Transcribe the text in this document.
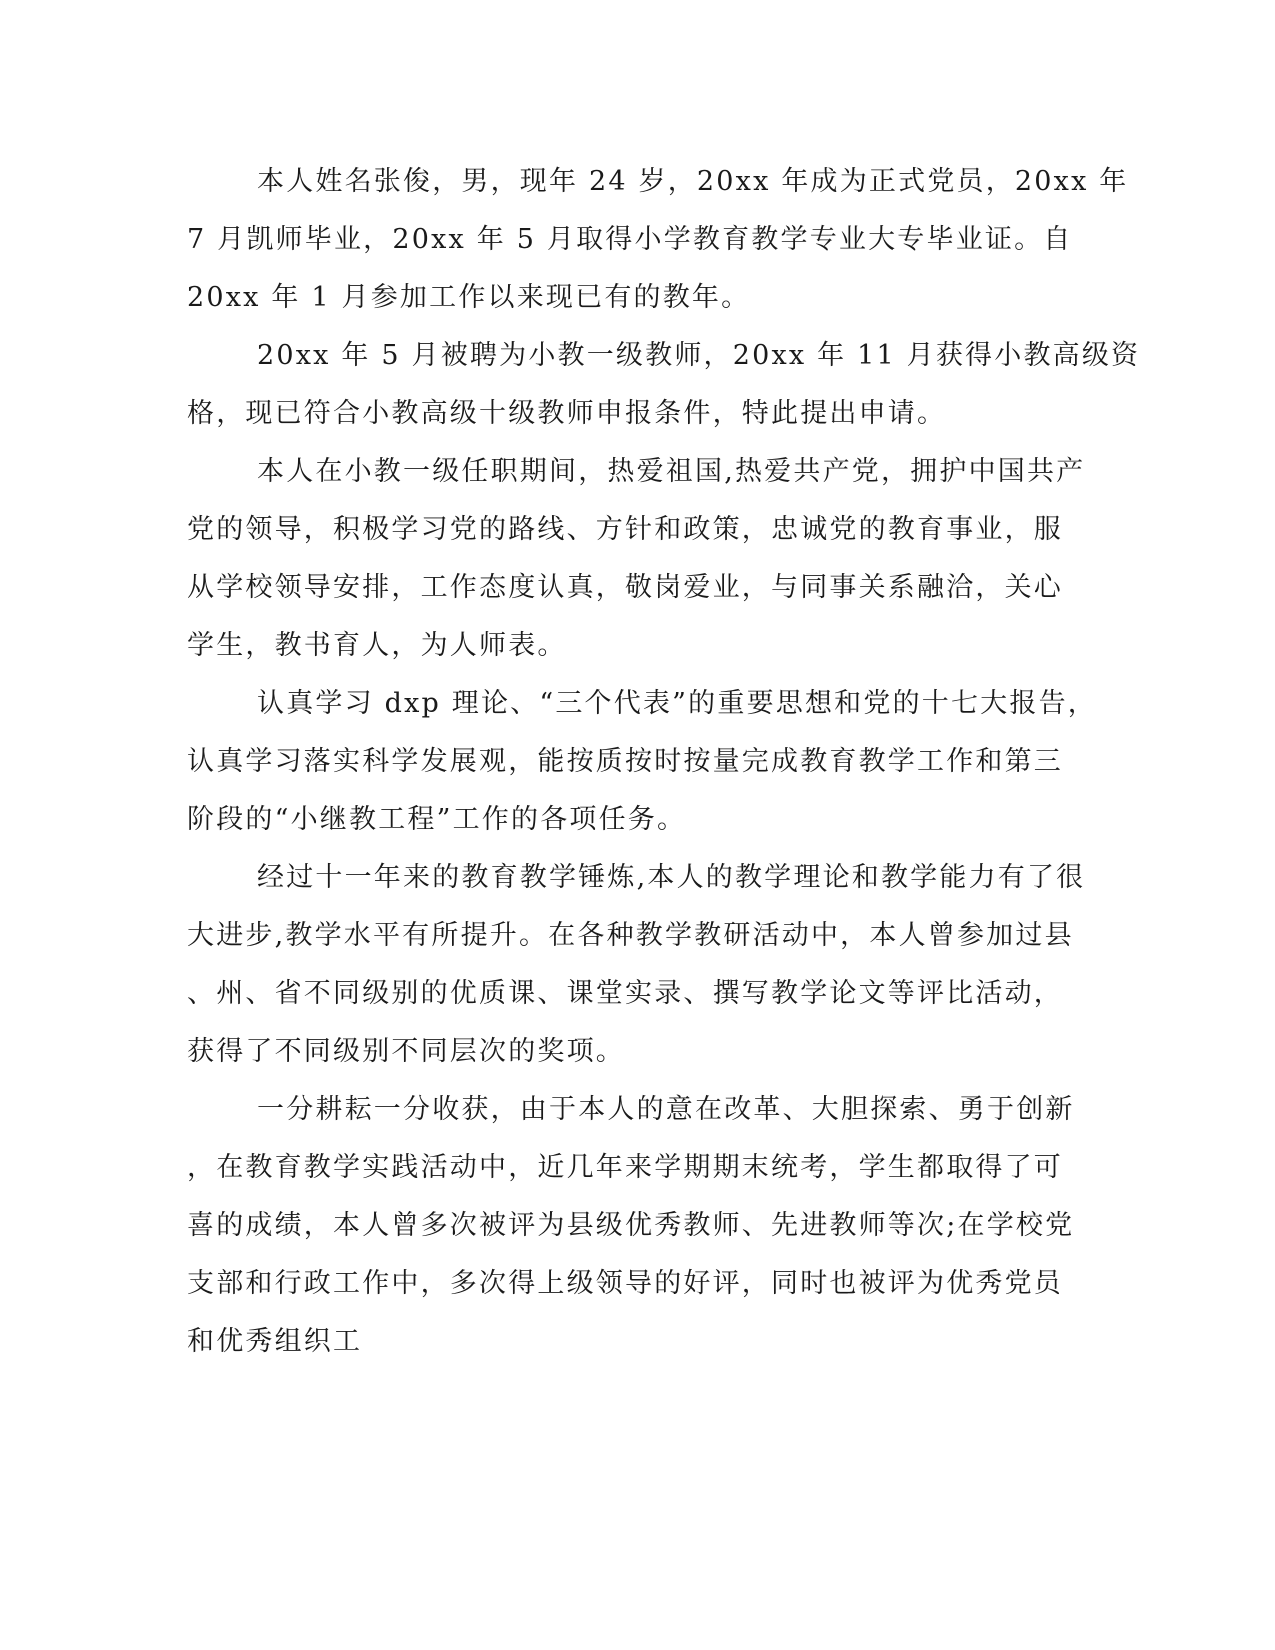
本人姓名张俊，男，现年 24 岁，20xx 年成为正式党员，20xx 年
7 月凯师毕业，20xx 年 5 月取得小学教育教学专业大专毕业证。自
20xx 年 1 月参加工作以来现已有的教年。
20xx 年 5 月被聘为小教一级教师，20xx 年 11 月获得小教高级资
格，现已符合小教高级十级教师申报条件，特此提出申请。
本人在小教一级任职期间，热爱祖国,热爱共产党，拥护中国共产
党的领导，积极学习党的路线、方针和政策，忠诚党的教育事业，服
从学校领导安排，工作态度认真，敬岗爱业，与同事关系融洽，关心
学生，教书育人，为人师表。
认真学习 dxp 理论、“三个代表”的重要思想和党的十七大报告，
认真学习落实科学发展观，能按质按时按量完成教育教学工作和第三
阶段的“小继教工程”工作的各项任务。
经过十一年来的教育教学锤炼,本人的教学理论和教学能力有了很
大进步,教学水平有所提升。在各种教学教研活动中，本人曾参加过县
、州、省不同级别的优质课、课堂实录、撰写教学论文等评比活动，
获得了不同级别不同层次的奖项。
一分耕耘一分收获，由于本人的意在改革、大胆探索、勇于创新
，在教育教学实践活动中，近几年来学期期末统考，学生都取得了可
喜的成绩，本人曾多次被评为县级优秀教师、先进教师等次;在学校党
支部和行政工作中，多次得上级领导的好评，同时也被评为优秀党员
和优秀组织工
